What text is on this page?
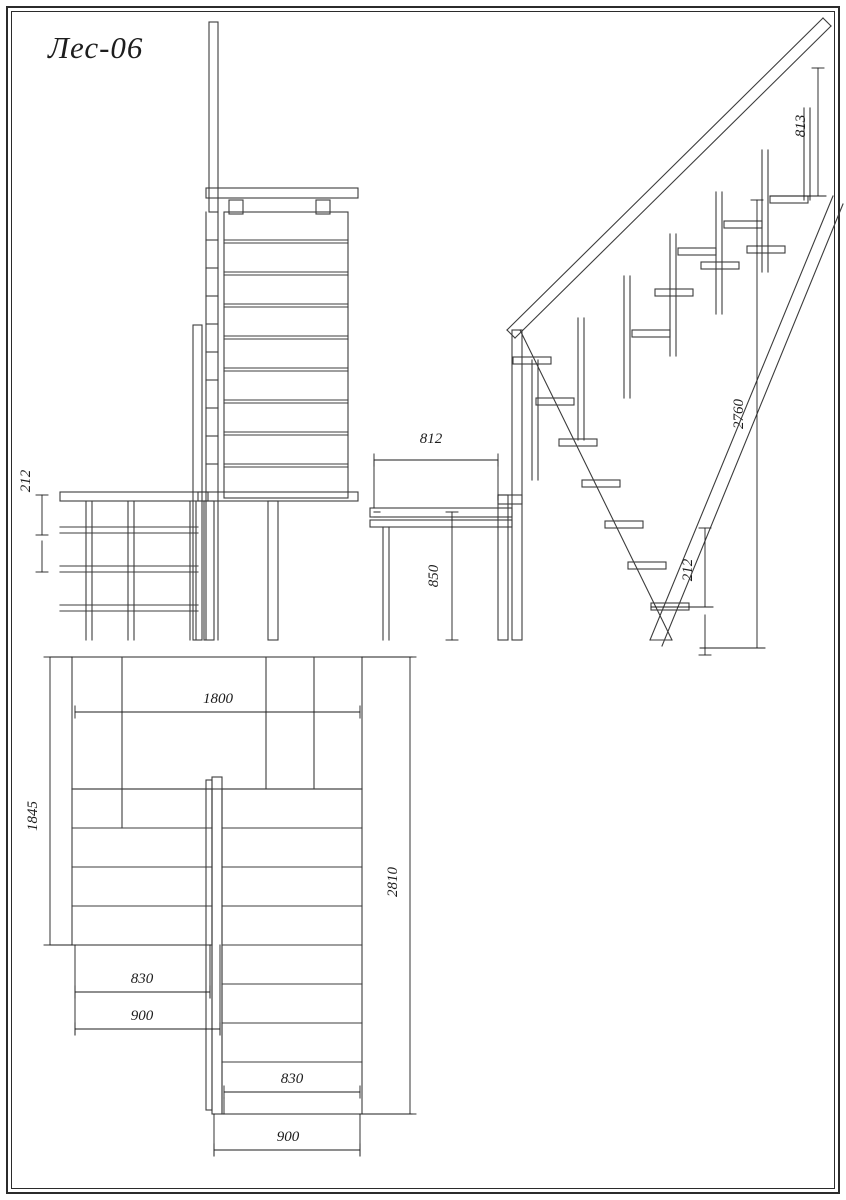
Лес-06
212
813
2760
212
812
850
1800
1845
2810
830
900
830
900
